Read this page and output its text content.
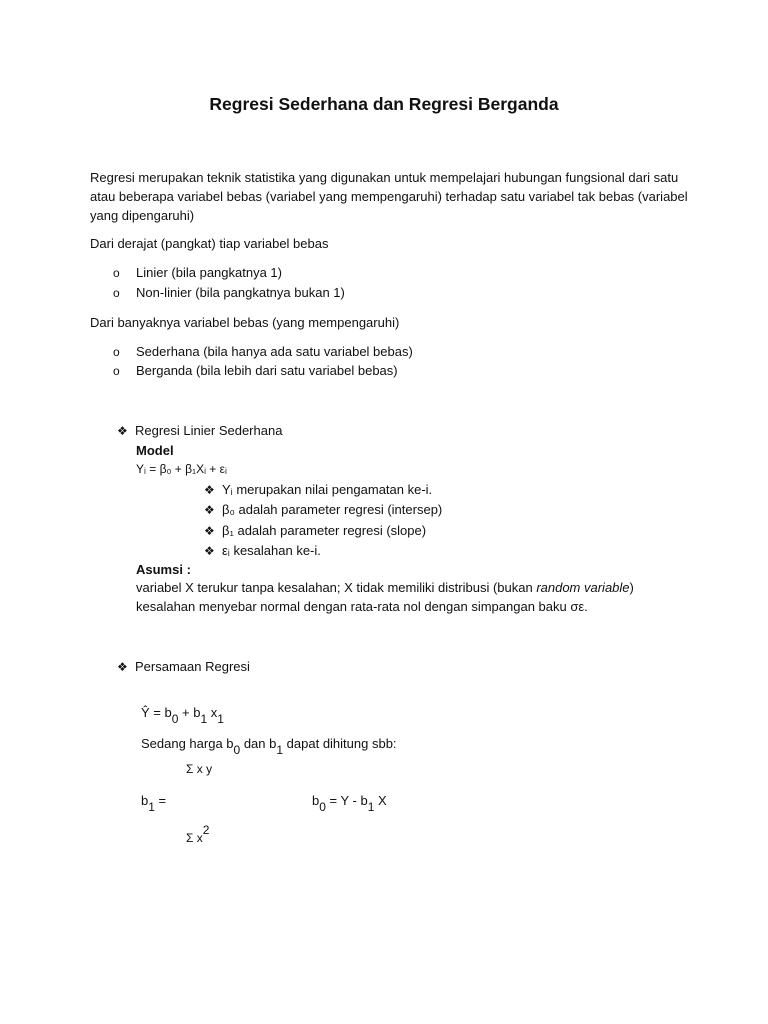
Regresi Sederhana dan Regresi Berganda
Regresi merupakan teknik statistika yang digunakan untuk mempelajari hubungan fungsional dari satu atau beberapa variabel bebas (variabel yang mempengaruhi) terhadap satu variabel tak bebas (variabel yang dipengaruhi)
Dari derajat (pangkat) tiap variabel bebas
o Linier (bila pangkatnya 1)
o Non-linier (bila pangkatnya bukan 1)
Dari banyaknya variabel bebas (yang mempengaruhi)
o Sederhana (bila hanya ada satu variabel bebas)
o Berganda (bila lebih dari satu variabel bebas)
❖ Regresi Linier Sederhana
Model
Yᵢ = β₀ + β₁Xᵢ + εᵢ
❖ Yᵢ merupakan nilai pengamatan ke-i.
❖ β₀ adalah parameter regresi (intersep)
❖ β₁ adalah parameter regresi (slope)
❖ εᵢ kesalahan ke-i.
Asumsi :
variabel X terukur tanpa kesalahan; X tidak memiliki distribusi (bukan random variable)
kesalahan menyebar normal dengan rata-rata nol dengan simpangan baku σε.
❖ Persamaan Regresi
Ŷ = b0 + b1 x1
Sedang harga b0 dan b1 dapat dihitung sbb:
Σ x y
b1 =	b0 = Y - b1 X
Σ x2
